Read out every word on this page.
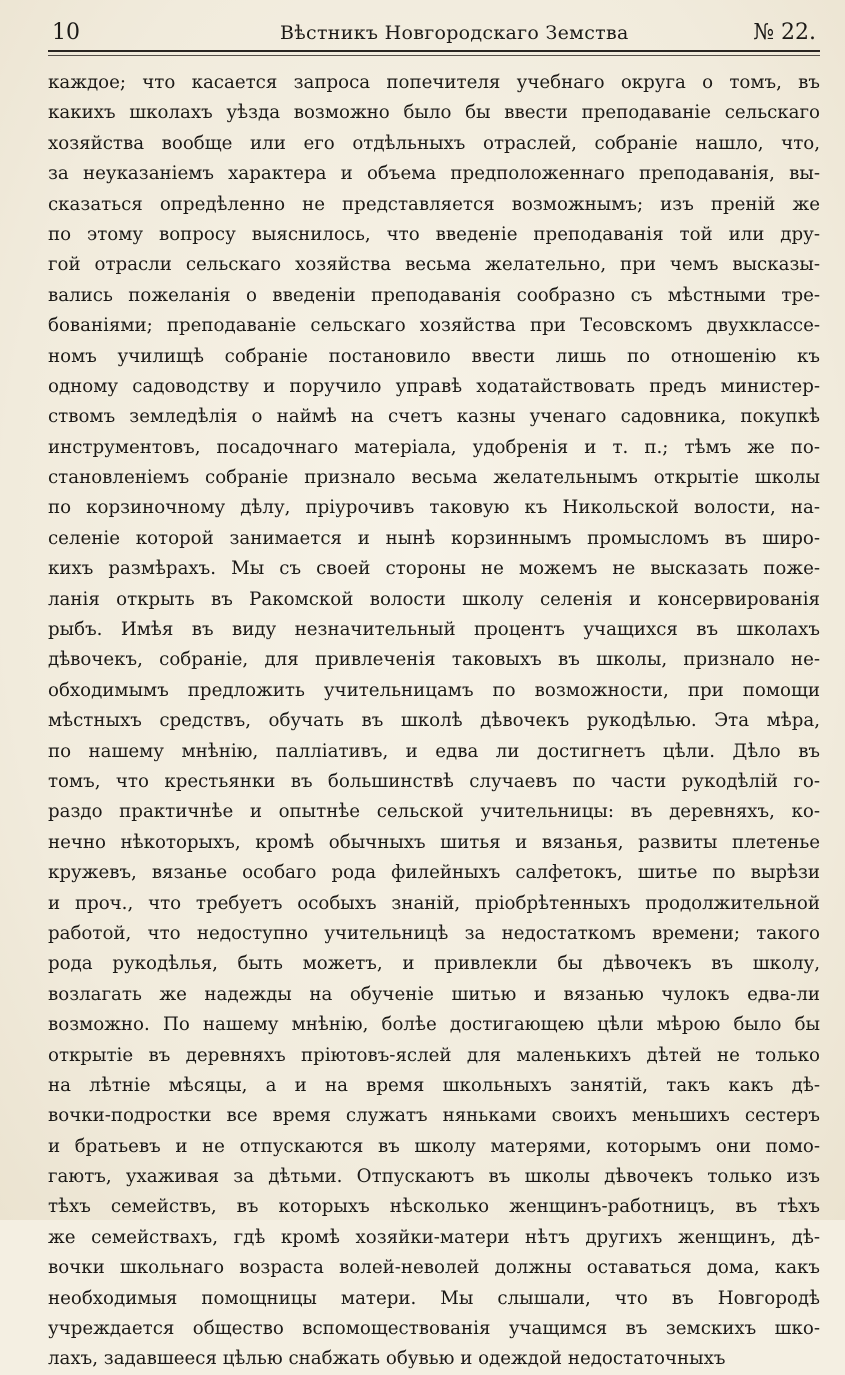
10	Вѣстникъ Новгородскаго Земства	№ 22.
каждое; что касается запроса попечителя учебнаго округа о томъ, въ
какихъ школахъ уѣзда возможно было бы ввести преподаванiе сельскаго
хозяйства вообще или его отдѣльныхъ отраслей, собранiе нашло, что,
за неуказанiемъ характера и объема предположеннаго преподаванiя, вы-
сказаться опредѣленно не представляется возможнымъ; изъ пренiй же
по этому вопросу выяснилось, что введенiе преподаванiя той или дру-
гой отрасли сельскаго хозяйства весьма желательно, при чемъ высказы-
вались пожеланiя о введенiи преподаванiя сообразно съ мѣстными тре-
бованiями; преподаванiе сельскаго хозяйства при Тесовскомъ двухклассе-
номъ училищѣ собранiе постановило ввести лишь по отношенiю къ
одному садоводству и поручило управѣ ходатайствовать предъ министер-
ствомъ земледѣлiя о наймѣ на счетъ казны ученаго садовника, покупкѣ
инструментовъ, посадочнаго матерiала, удобренiя и т. п.; тѣмъ же по-
становленiемъ собранiе признало весьма желательнымъ открытiе школы
по корзиночному дѣлу, прiурочивъ таковую къ Никольской волости, на-
селенiе которой занимается и нынѣ корзиннымъ промысломъ въ широ-
кихъ размѣрахъ. Мы съ своей стороны не можемъ не высказать поже-
ланiя открыть въ Ракомской волости школу селенiя и консервированiя
рыбъ. Имѣя въ виду незначительный процентъ учащихся въ школахъ
дѣвочекъ, собранiе, для привлеченiя таковыхъ въ школы, признало не-
обходимымъ предложить учительницамъ по возможности, при помощи
мѣстныхъ средствъ, обучать въ школѣ дѣвочекъ рукодѣлью. Эта мѣра,
по нашему мнѣнiю, паллiативъ, и едва ли достигнетъ цѣли. Дѣло въ
томъ, что крестьянки въ большинствѣ случаевъ по части рукодѣлiй го-
раздо практичнѣе и опытнѣе сельской учительницы: въ деревняхъ, ко-
нечно нѣкоторыхъ, кромѣ обычныхъ шитья и вязанья, развиты плетенье
кружевъ, вязанье особаго рода филейныхъ салфетокъ, шитье по вырѣзи
и проч., что требуетъ особыхъ знанiй, прiобрѣтенныхъ продолжительной
работой, что недоступно учительницѣ за недостаткомъ времени; такого
рода рукодѣлья, быть можетъ, и привлекли бы дѣвочекъ въ школу,
возлагать же надежды на обученiе шитью и вязанью чулокъ едва-ли
возможно. По нашему мнѣнiю, болѣе достигающею цѣли мѣрою было бы
открытiе въ деревняхъ прiютовъ-яслей для маленькихъ дѣтей не только
на лѣтнiе мѣсяцы, а и на время школьныхъ занятiй, такъ какъ дѣ-
вочки-подростки все время служатъ няньками своихъ меньшихъ сестеръ
и братьевъ и не отпускаются въ школу матерями, которымъ они помо-
гаютъ, ухаживая за дѣтьми. Отпускаютъ въ школы дѣвочекъ только изъ
тѣхъ семействъ, въ которыхъ нѣсколько женщинъ-работницъ, въ тѣхъ
же семействахъ, гдѣ кромѣ хозяйки-матери нѣтъ другихъ женщинъ, дѣ-
вочки школьнаго возраста волей-неволей должны оставаться дома, какъ
необходимыя помощницы матери. Мы слышали, что въ Новгородѣ
учреждается общество вспомоществованiя учащимся въ земскихъ шко-
лахъ, задавшееся цѣлью снабжать обувью и одеждой недостаточныхъ
